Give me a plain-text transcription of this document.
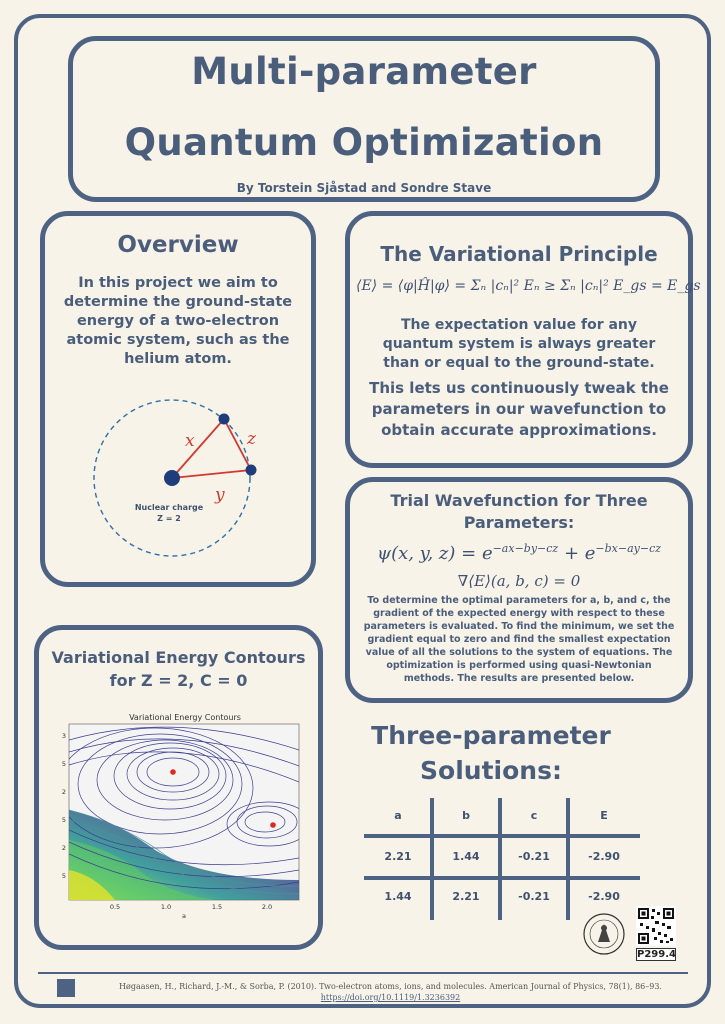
Multi-parameter
Quantum Optimization
By Torstein Sjåstad and Sondre Stave
Overview
In this project we aim to determine the ground-state energy of a two-electron atomic system, such as the helium atom.
x	z
y
Nuclear charge
Z = 2
The Variational Principle
⟨E⟩ = ⟨φ|Ĥ|φ⟩ = Σₙ |cₙ|² Eₙ ≥ Σₙ |cₙ|² E_gs = E_gs
The expectation value for any quantum system is always greater than or equal to the ground-state.
This lets us continuously tweak the parameters in our wavefunction to obtain accurate approximations.
Trial Wavefunction for Three Parameters:
ψ(x, y, $z) = e^{-ax-by-cz} + e^{-bx-ay-cz}$
∇⟨E⟩(a, b, c) = 0
To determine the optimal parameters for a, b, and c, the gradient of the expected energy with respect to these parameters is evaluated. To find the minimum, we set the gradient equal to zero and find the smallest expectation value of all the solutions to the system of equations. The optimization is performed using quasi-Newtonian methods. The results are presented below.
Variational Energy Contours for Z = 2, C = 0
Variational Energy Contours
3
5
2
5
2
5
0.5	1.0	1.5	2.0
a
Three-parameter Solutions:
a	b	c	E
2.21	1.44	-0.21	-2.90
1.44	2.21	-0.21	-2.90
P299.4
Høgaasen, H., Richard, J.-M., & Sorba, P. (2010). Two-electron atoms, ions, and molecules. American Journal of Physics, 78(1), 86–93.
https://doi.org/10.1119/1.3236392
